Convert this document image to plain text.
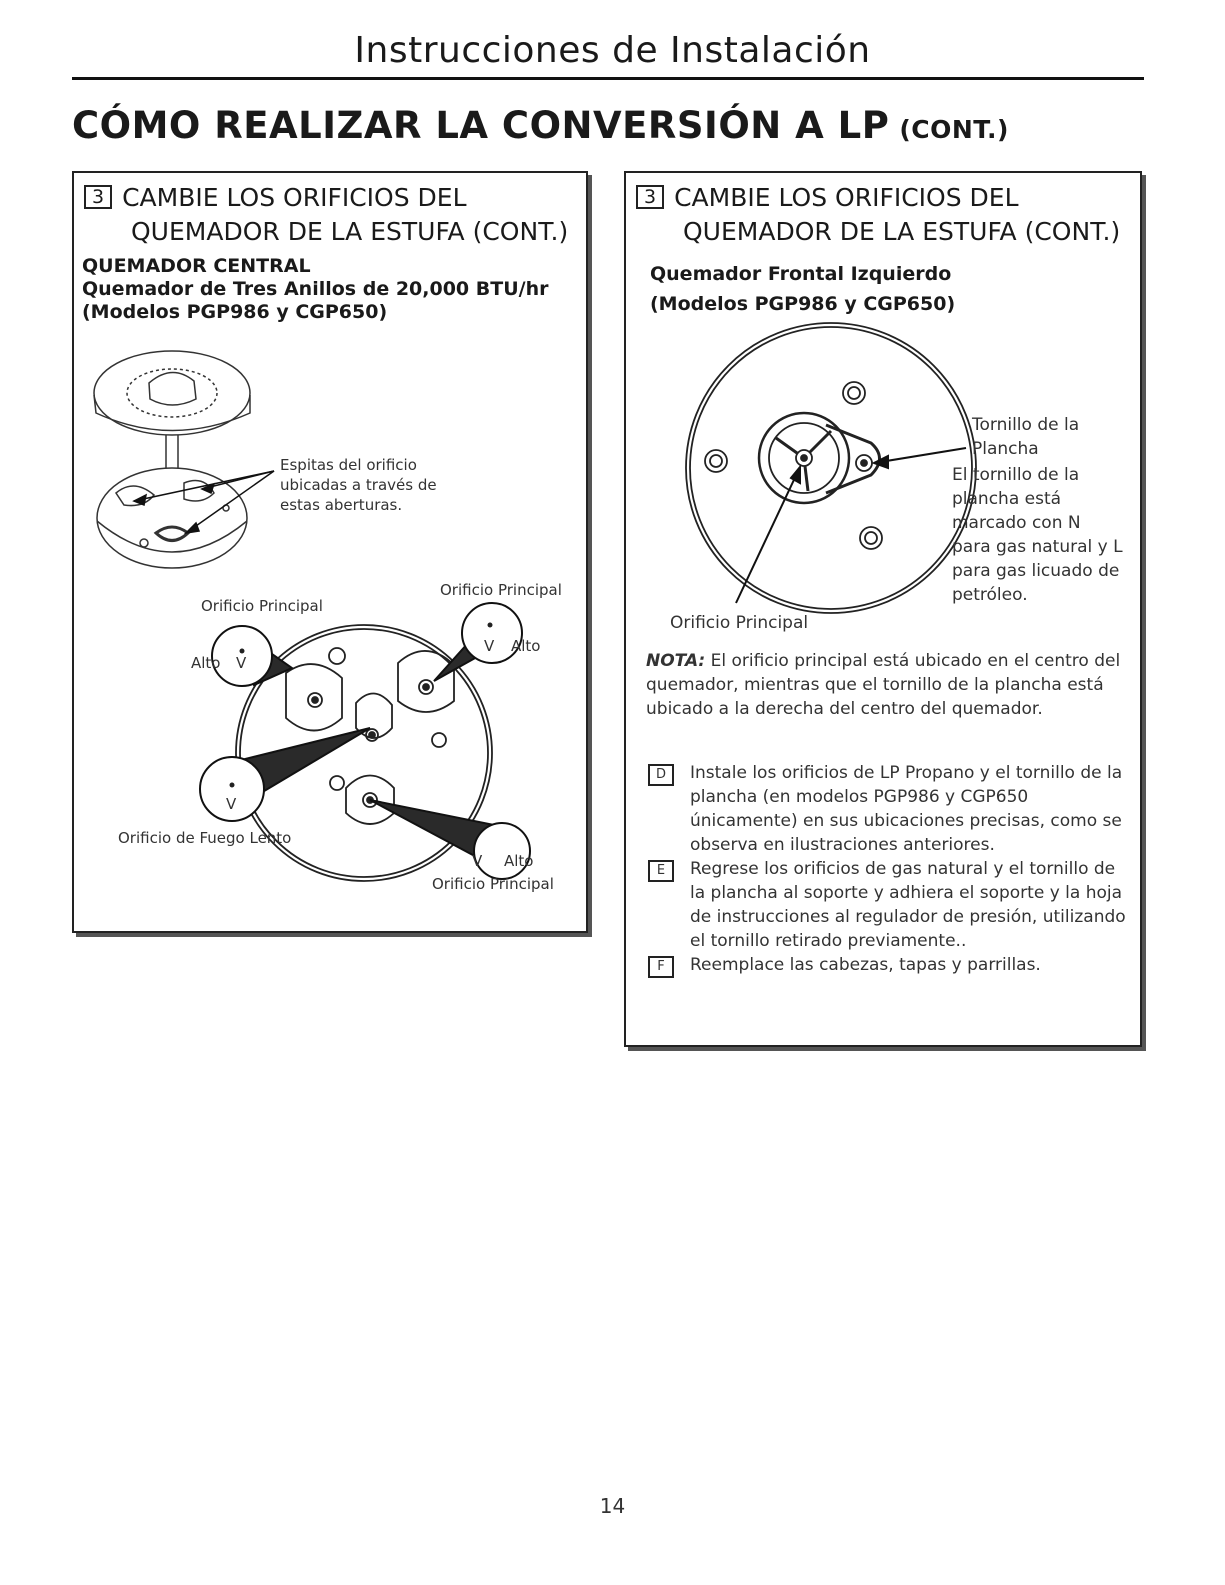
Instrucciones de Instalación
CÓMO REALIZAR LA CONVERSIÓN A LP (CONT.)
3 CAMBIE LOS ORIFICIOS DEL
QUEMADOR DE LA ESTUFA (CONT.)
QUEMADOR CENTRAL
Quemador de Tres Anillos de 20,000 BTU/hr
(Modelos PGP986 y CGP650)
Espitas del orificio
ubicadas a través de
estas aberturas.
V
V
V
V
Alto
Alto
Alto
Orificio Principal
Orificio Principal
Orificio Principal
Orificio de Fuego Lento
3 CAMBIE LOS ORIFICIOS DEL
QUEMADOR DE LA ESTUFA (CONT.)
Quemador Frontal Izquierdo
(Modelos PGP986 y CGP650)
Tornillo de la
Plancha
El tornillo de la
plancha está
marcado con N
para gas natural y L
para gas licuado de
petróleo.
Orificio Principal
NOTA: El orificio principal está ubicado en el centro del quemador, mientras que el tornillo de la plancha está ubicado a la derecha del centro del quemador.
D	Instale los orificios de LP Propano y el tornillo de la plancha (en modelos PGP986 y CGP650 únicamente) en sus ubicaciones precisas, como se observa en ilustraciones anteriores.
E	Regrese los orificios de gas natural y el tornillo de la plancha al soporte y adhiera el soporte y la hoja de instrucciones al regulador de presión, utilizando el tornillo retirado previamente..
F	Reemplace las cabezas, tapas y parrillas.
14
